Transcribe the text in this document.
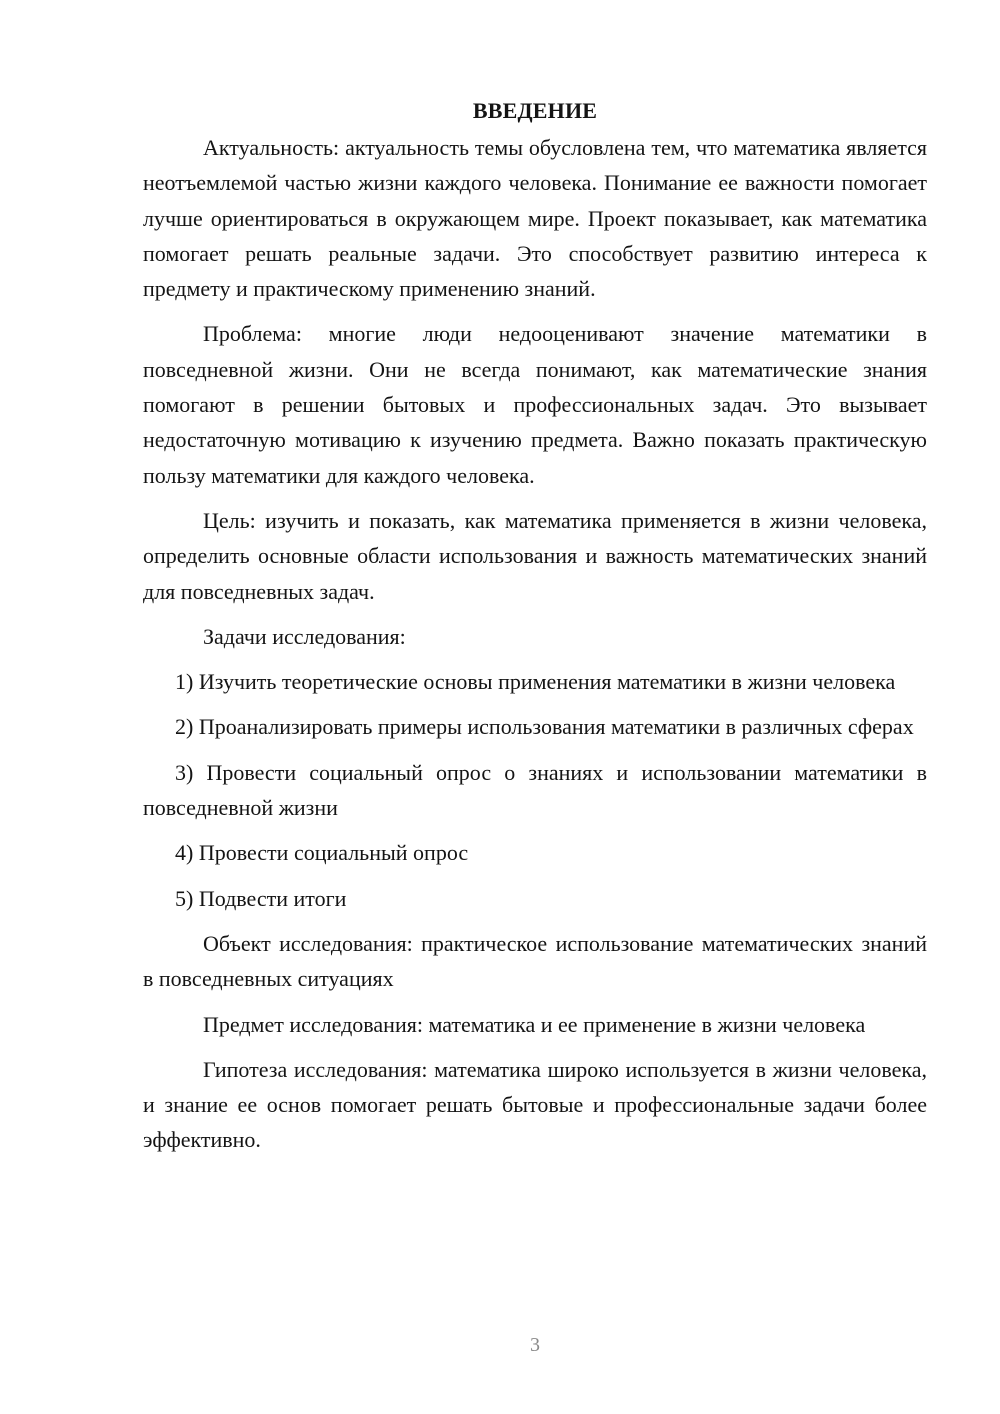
ВВЕДЕНИЕ

Актуальность: актуальность темы обусловлена тем, что математика является неотъемлемой частью жизни каждого человека. Понимание ее важности помогает лучше ориентироваться в окружающем мире. Проект показывает, как математика помогает решать реальные задачи. Это способствует развитию интереса к предмету и практическому применению знаний.

Проблема: многие люди недооценивают значение математики в повседневной жизни. Они не всегда понимают, как математические знания помогают в решении бытовых и профессиональных задач. Это вызывает недостаточную мотивацию к изучению предмета. Важно показать практическую пользу математики для каждого человека.

Цель: изучить и показать, как математика применяется в жизни человека, определить основные области использования и важность математических знаний для повседневных задач.

Задачи исследования:

1) Изучить теоретические основы применения математики в жизни человека

2) Проанализировать примеры использования математики в различных сферах

3) Провести социальный опрос о знаниях и использовании математики в повседневной жизни

4) Провести социальный опрос

5) Подвести итоги

Объект исследования: практическое использование математических знаний в повседневных ситуациях

Предмет исследования: математика и ее применение в жизни человека

Гипотеза исследования: математика широко используется в жизни человека, и знание ее основ помогает решать бытовые и профессиональные задачи более эффективно.

3
